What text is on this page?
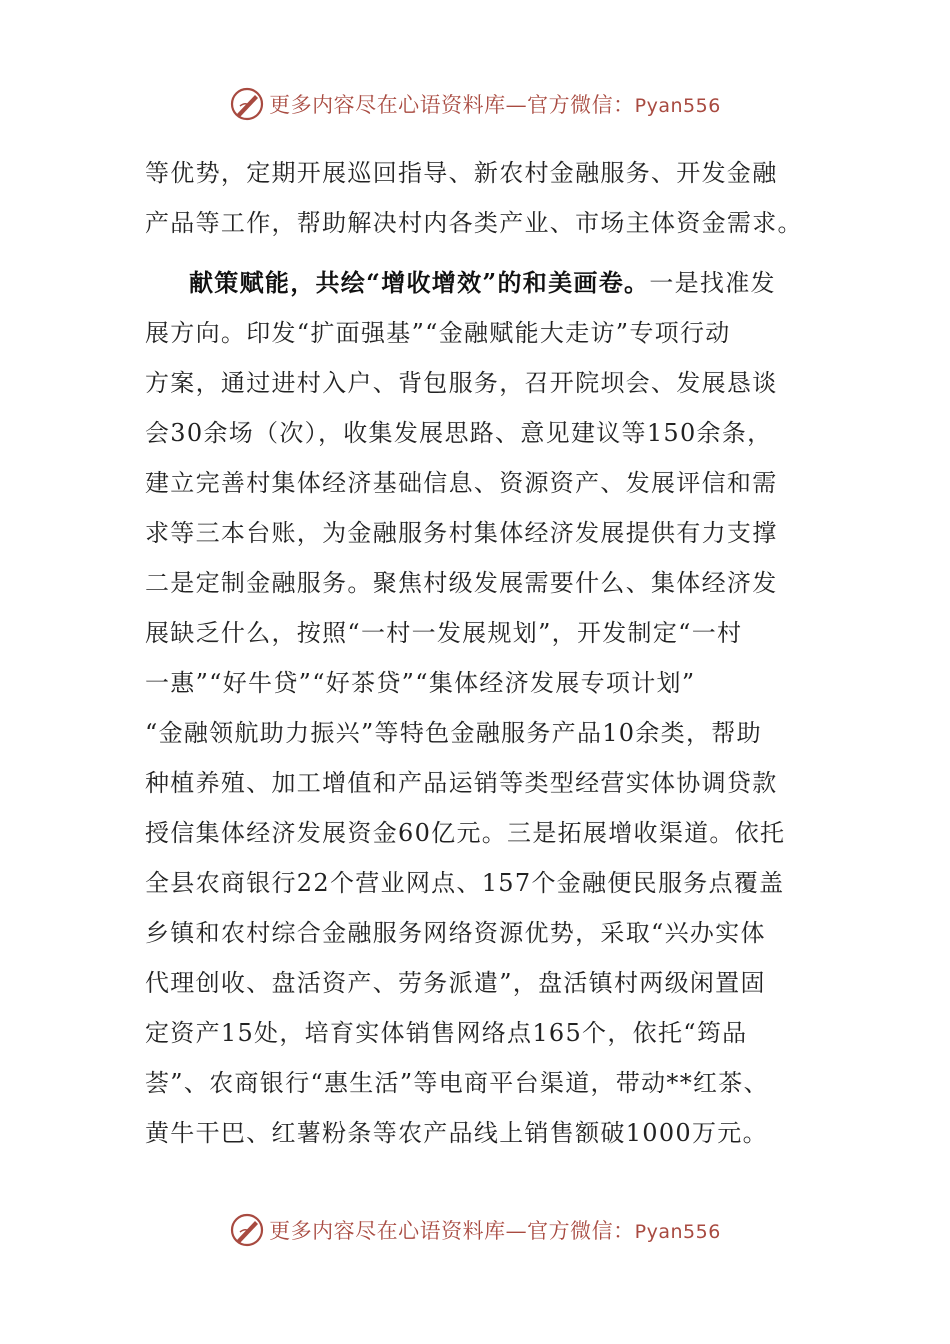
更多内容尽在心语资料库—官方微信：Pyan556
等优势，定期开展巡回指导、新农村金融服务、开发金融
产品等工作，帮助解决村内各类产业、市场主体资金需求。
献策赋能，共绘“增收增效”的和美画卷。一是找准发
展方向。印发“扩面强基”“金融赋能大走访”专项行动
方案，通过进村入户、背包服务，召开院坝会、发展恳谈
会30余场（次），收集发展思路、意见建议等150余条，
建立完善村集体经济基础信息、资源资产、发展评信和需
求等三本台账，为金融服务村集体经济发展提供有力支撑
二是定制金融服务。聚焦村级发展需要什么、集体经济发
展缺乏什么，按照“一村一发展规划”，开发制定“一村
一惠”“好牛贷”“好茶贷”“集体经济发展专项计划”
“金融领航助力振兴”等特色金融服务产品10余类，帮助
种植养殖、加工增值和产品运销等类型经营实体协调贷款
授信集体经济发展资金60亿元。三是拓展增收渠道。依托
全县农商银行22个营业网点、157个金融便民服务点覆盖
乡镇和农村综合金融服务网络资源优势，采取“兴办实体
代理创收、盘活资产、劳务派遣”，盘活镇村两级闲置固
定资产15处，培育实体销售网络点165个，依托“筠品
荟”、农商银行“惠生活”等电商平台渠道，带动**红茶、
黄牛干巴、红薯粉条等农产品线上销售额破1000万元。
更多内容尽在心语资料库—官方微信：Pyan556
